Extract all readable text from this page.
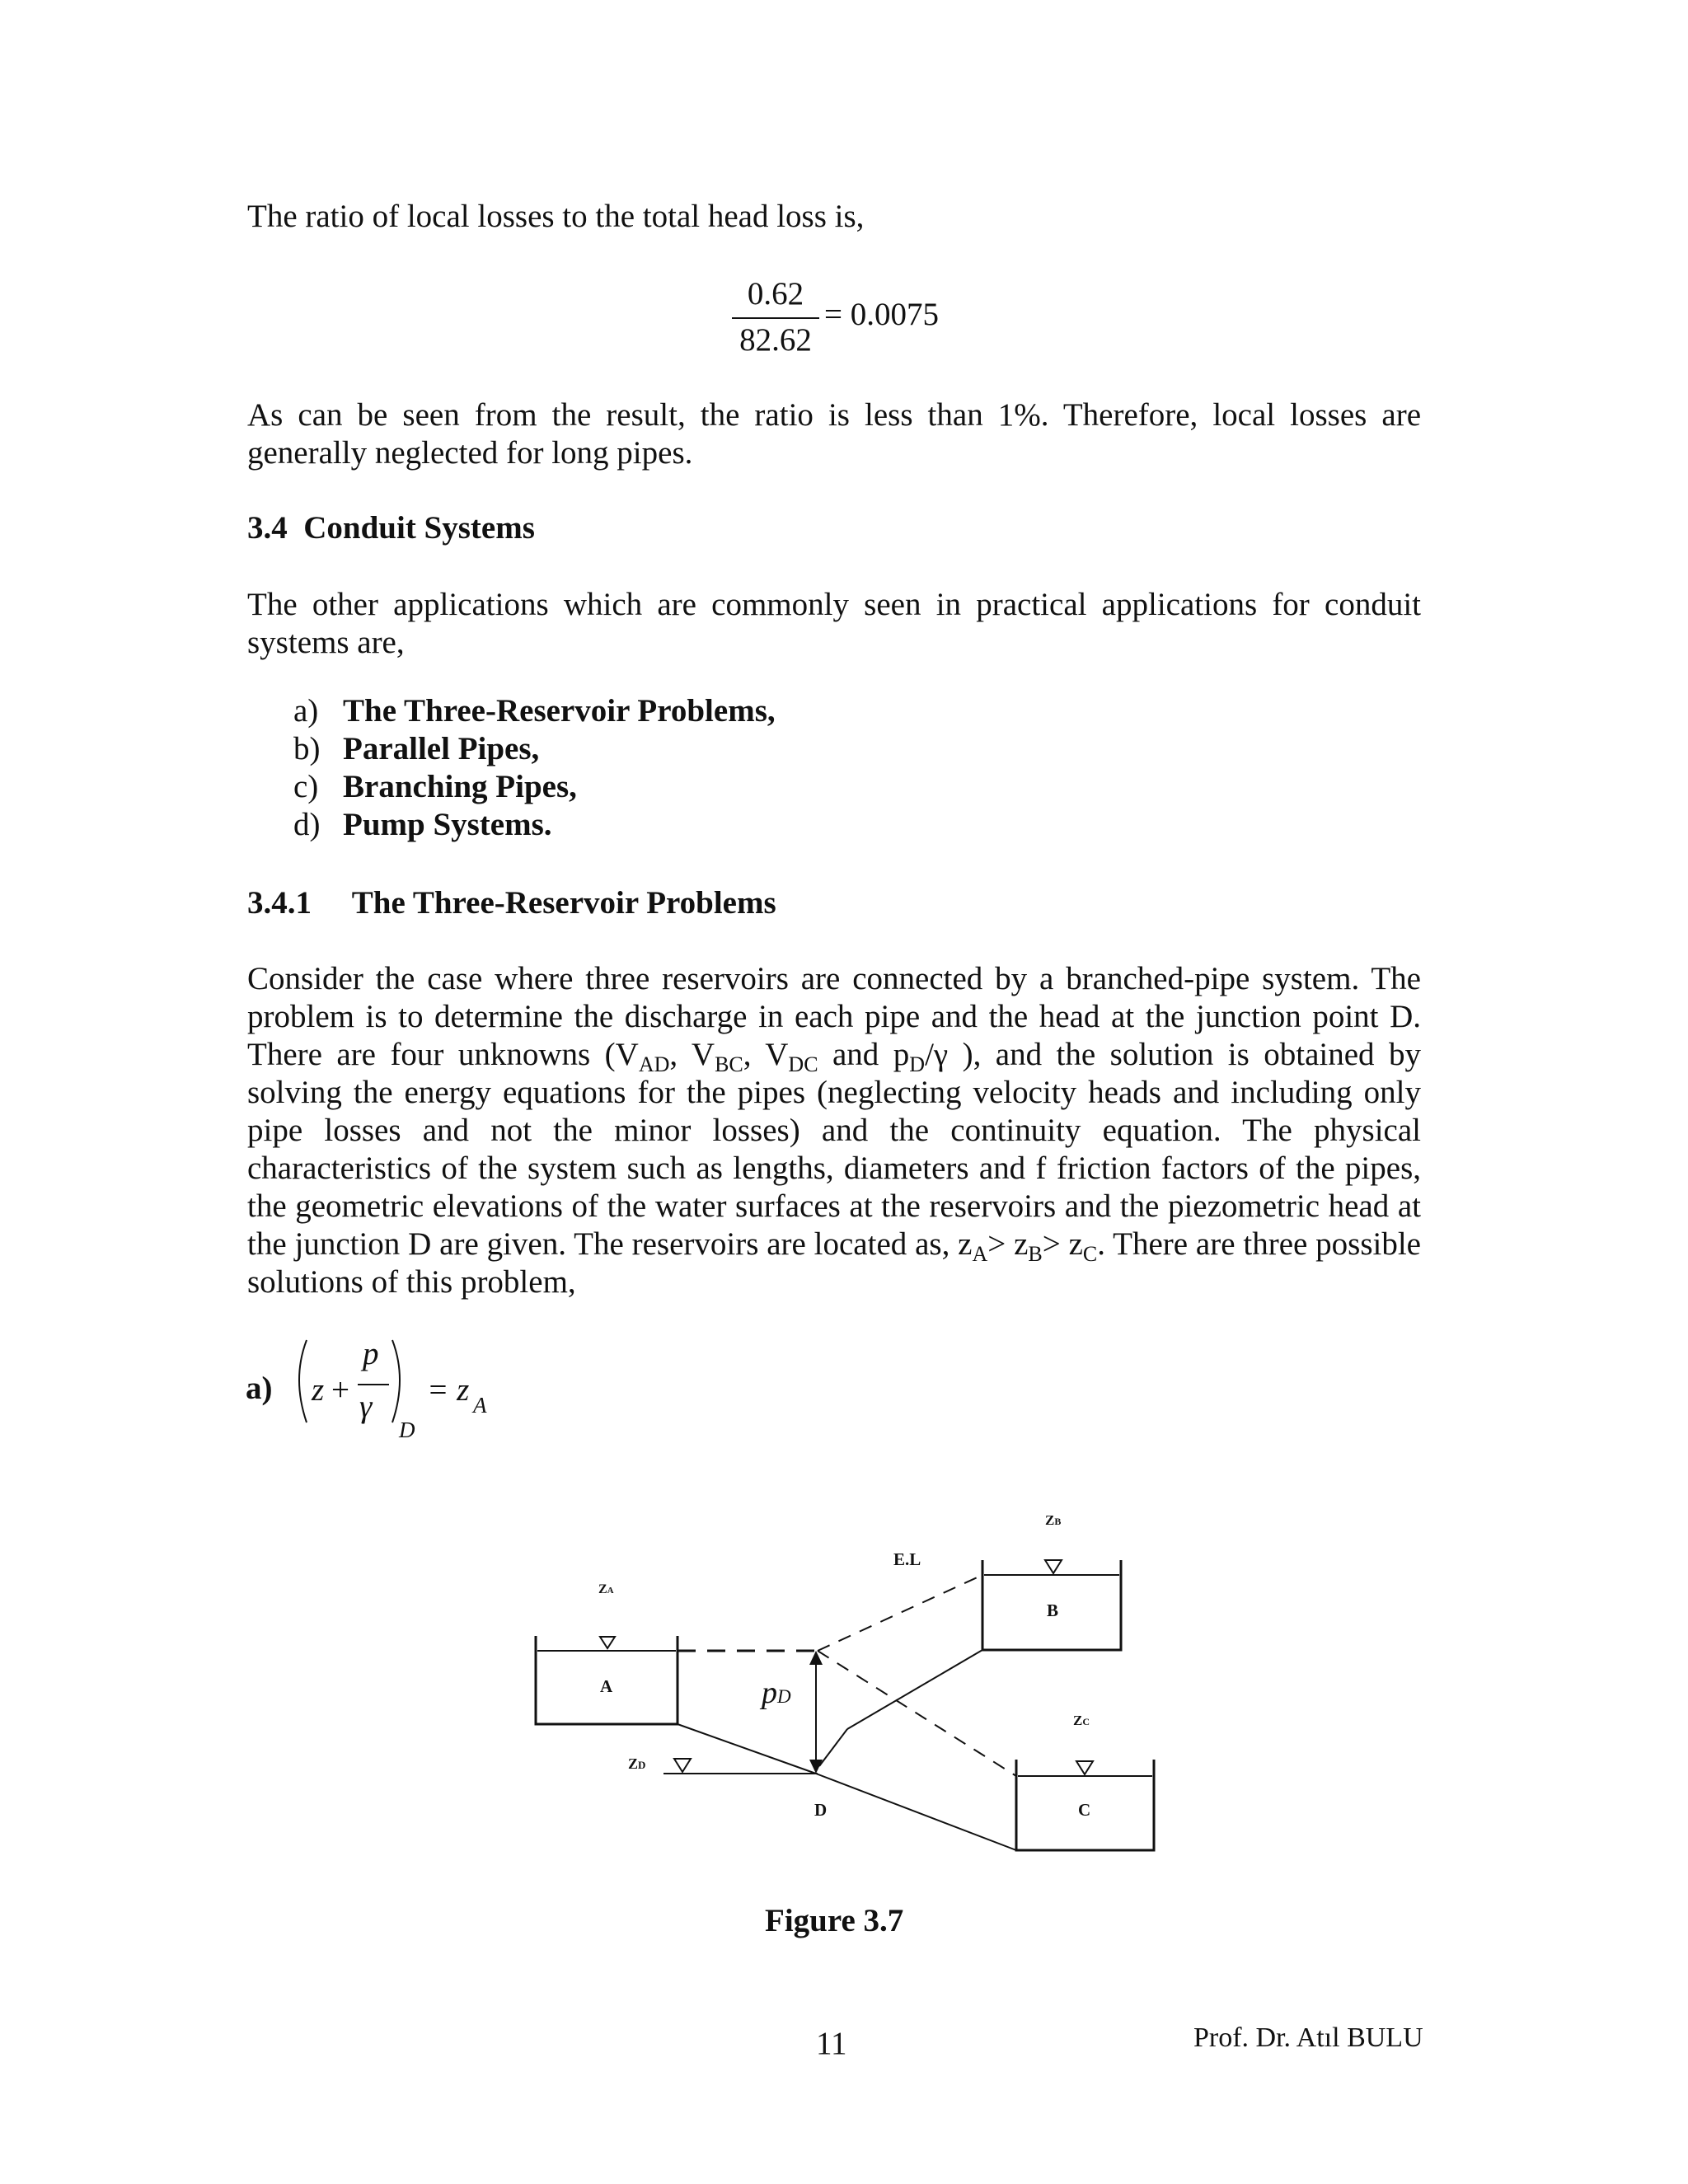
The ratio of local losses to the total head loss is,
0.62
82.62
= 0.0075

As can be seen from the result, the ratio is less than 1%. Therefore, local losses are generally neglected for long pipes.

3.4 Conduit Systems

The other applications which are commonly seen in practical applications for conduit systems are,

a) The Three-Reservoir Problems,
b) Parallel Pipes,
c) Branching Pipes,
d) Pump Systems.
3.4.1 The Three-Reservoir Problems

Consider the case where three reservoirs are connected by a branched-pipe system. The problem is to determine the discharge in each pipe and the head at the junction point D. There are four unknowns ($V_{AD}$, $V_{BC}$, $V_{DC}$ and $p_D/\gamma$ ), and the solution is obtained by solving the energy equations for the pipes (neglecting velocity heads and including only pipe losses and not the minor losses) and the continuity equation. The physical characteristics of the system such as lengths, diameters and f friction factors of the pipes, the geometric elevations of the water surfaces at the reservoirs and the piezometric head at the junction D are given. The reservoirs are located as, $z_A> z_B> z_C$. There are three possible solutions of this problem,

a) z +
p
γ
D
= z A
ZA
ZB
ZC
ZD
A
B
C
D
E.L
pD
Figure 3.7
11	Prof. Dr. Atıl BULU
